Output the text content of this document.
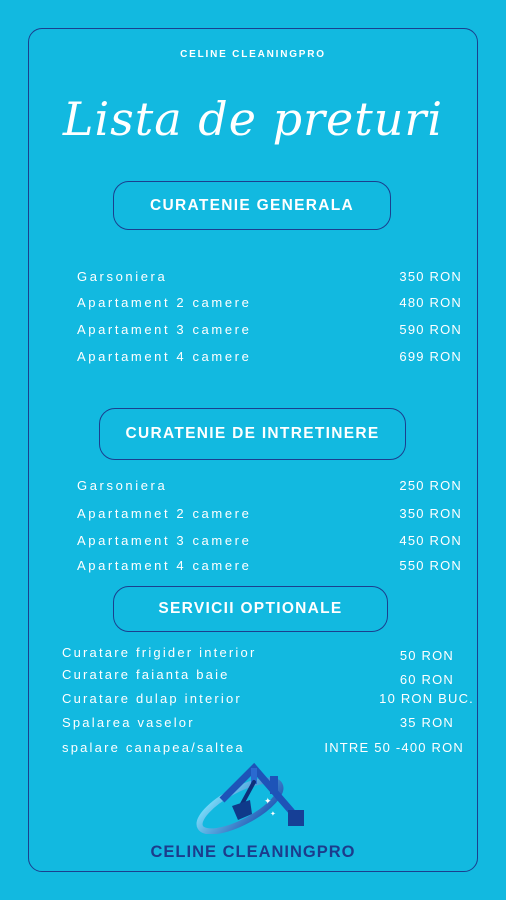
CELINE CLEANINGPRO
Lista de preturi
CURATENIE GENERALA
Garsoniera	350 RON
Apartament 2 camere	480 RON
Apartament 3 camere	590 RON
Apartament 4 camere	699 RON
CURATENIE DE INTRETINERE
Garsoniera	250 RON
Apartamnet 2 camere	350 RON
Apartament 3 camere	450 RON
Apartament 4 camere	550 RON
SERVICII OPTIONALE
Curatare frigider interior	50 RON
Curatare faianta baie	60 RON
Curatare dulap interior	10 RON BUC.
Spalarea vaselor	35 RON
spalare canapea/saltea	INTRE 50 -400 RON
✦
✦
CELINE CLEANINGPRO
